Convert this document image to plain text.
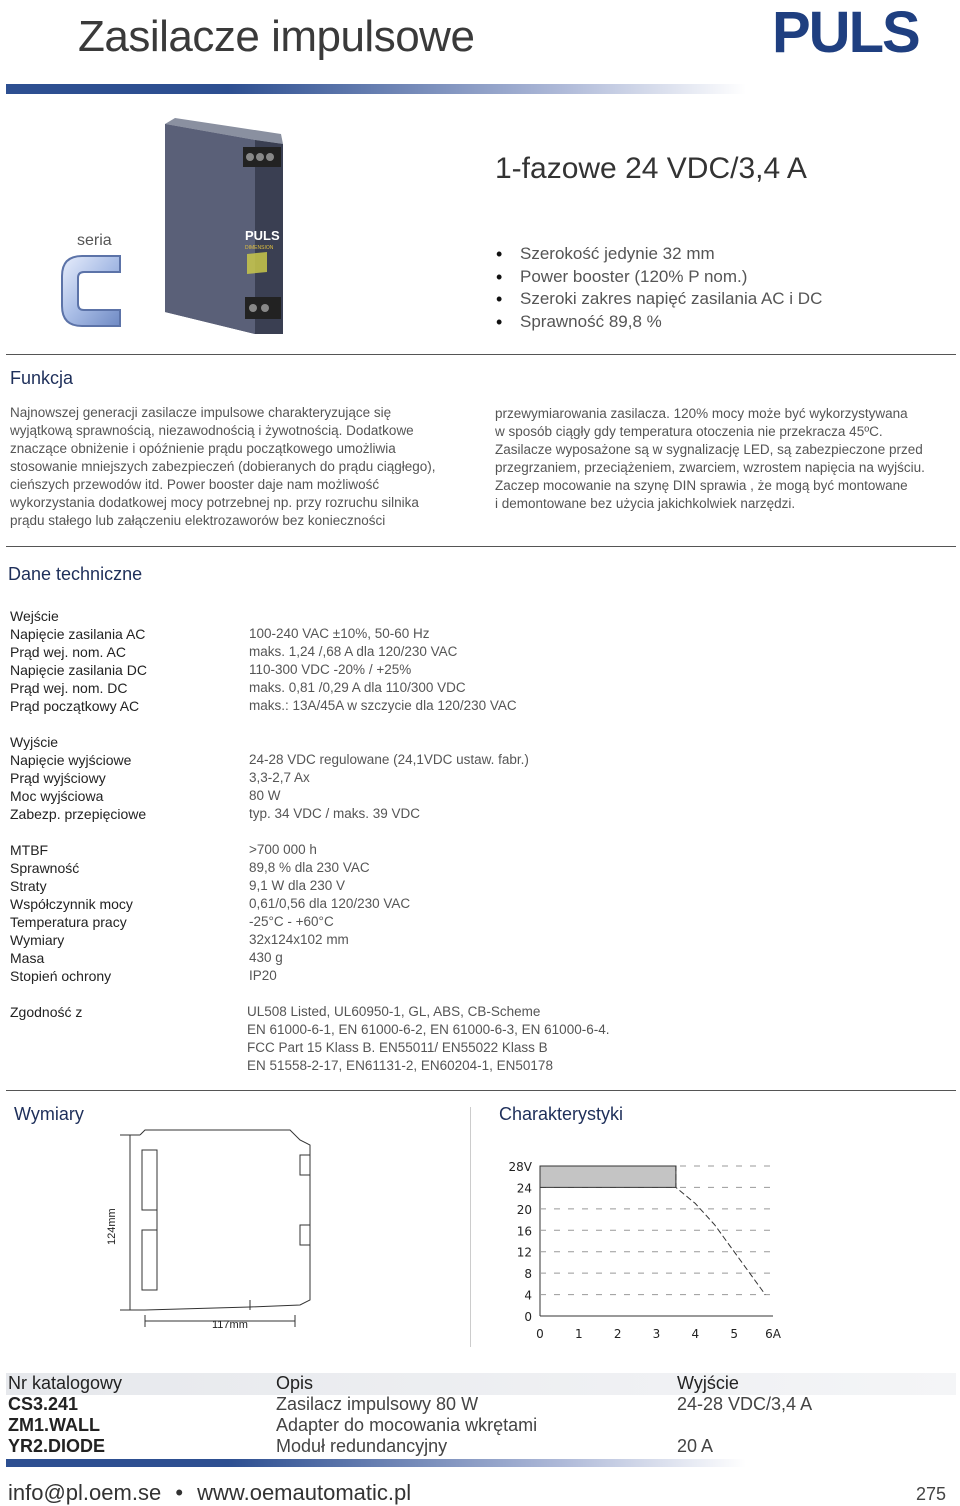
Zasilacze impulsowe	PULS
1-fazowe 24 VDC/3,4 A
seria	PULS
DIMENSION
•	Szerokość jedynie 32 mm
• Power booster (120% P nom.)
• Szeroki zakres napięć zasilania AC i DC
• Sprawność 89,8 %
Funkcja
Najnowszej generacji zasilacze impulsowe charakteryzujące się
wyjątkową sprawnością, niezawodnością i żywotnością. Dodatkowe
znaczące obniżenie i opóźnienie prądu początkowego umożliwia
stosowanie mniejszych zabezpieczeń (dobieranych do prądu ciągłego),
cieńszych przewodów itd. Power booster daje nam możliwość
wykorzystania dodatkowej mocy potrzebnej np. przy rozruchu silnika
prądu stałego lub załączeniu elektrozaworów bez konieczności
przewymiarowania zasilacza. 120% mocy może być wykorzystywana
w sposób ciągły gdy temperatura otoczenia nie przekracza 45ºC.
Zasilacze wyposażone są w sygnalizację LED, są zabezpieczone przed
przegrzaniem, przeciążeniem, zwarciem, wzrostem napięcia na wyjściu.
Zaczep mocowanie na szynę DIN sprawia , że mogą być montowane
i demontowane bez użycia jakichkolwiek narzędzi.
Dane techniczne
Wejście
Napięcie zasilania AC
Prąd wej. nom. AC
Napięcie zasilania DC
Prąd wej. nom. DC
Prąd początkowy AC

Wyjście
Napięcie wyjściowe
Prąd wyjściowy
Moc wyjściowa
Zabezp. przepięciowe

MTBF
Sprawność
Straty
Współczynnik mocy
Temperatura pracy
Wymiary
Masa
Stopień ochrony

Zgodność z

100-240 VAC ±10%, 50-60 Hz
maks. 1,24 /,68 A dla 120/230 VAC
110-300 VDC -20% / +25%
maks. 0,81 /0,29 A dla 110/300 VDC
maks.: 13A/45A w szczycie dla 120/230 VAC

24-28 VDC regulowane (24,1VDC ustaw. fabr.)
3,3-2,7 Ax
80 W
typ. 34 VDC / maks. 39 VDC

>700 000 h
89,8 % dla 230 VAC
9,1 W dla 230 V
0,61/0,56 dla 120/230 VAC
-25°C - +60°C
32x124x102 mm
430 g
IP20

UL508 Listed, UL60950-1, GL, ABS, CB-Scheme
EN 61000-6-1, EN 61000-6-2, EN 61000-6-3, EN 61000-6-4.
FCC Part 15 Klass B. EN55011/ EN55022 Klass B
EN 51558-2-17, EN61131-2, EN60204-1, EN50178
Wymiary
124mm
117mm
Charakterystyki
0	1	2	3	4	5 6A
0
4
8
12
16
20
24
28V
Nr katalogowy
CS3.241
ZM1.WALL
YR2.DIODE
Opis
Zasilacz impulsowy 80 W
Adapter do mocowania wkrętami
Moduł redundancyjny
Wyjście
24-28 VDC/3,4 A

20 A
info@pl.oem.se • www.oemautomatic.pl	275
